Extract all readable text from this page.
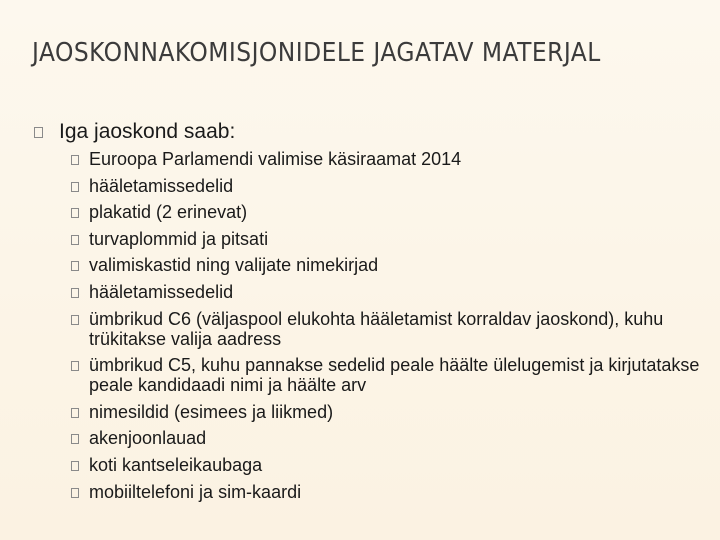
JAOSKONNAKOMISJONIDELE JAGATAV MATERJAL
Iga jaoskond saab:
Euroopa Parlamendi valimise käsiraamat 2014
hääletamissedelid
plakatid (2 erinevat)
turvaplommid ja pitsati
valimiskastid ning valijate nimekirjad
hääletamissedelid
ümbrikud C6 (väljaspool elukohta hääletamist korraldav jaoskond), kuhu trükitakse valija aadress
ümbrikud C5, kuhu pannakse sedelid peale häälte ülelugemist ja kirjutatakse peale kandidaadi nimi ja häälte arv
nimesildid (esimees ja liikmed)
akenjoonlauad
koti kantseleikaubaga
mobiiltelefoni ja sim-kaardi
